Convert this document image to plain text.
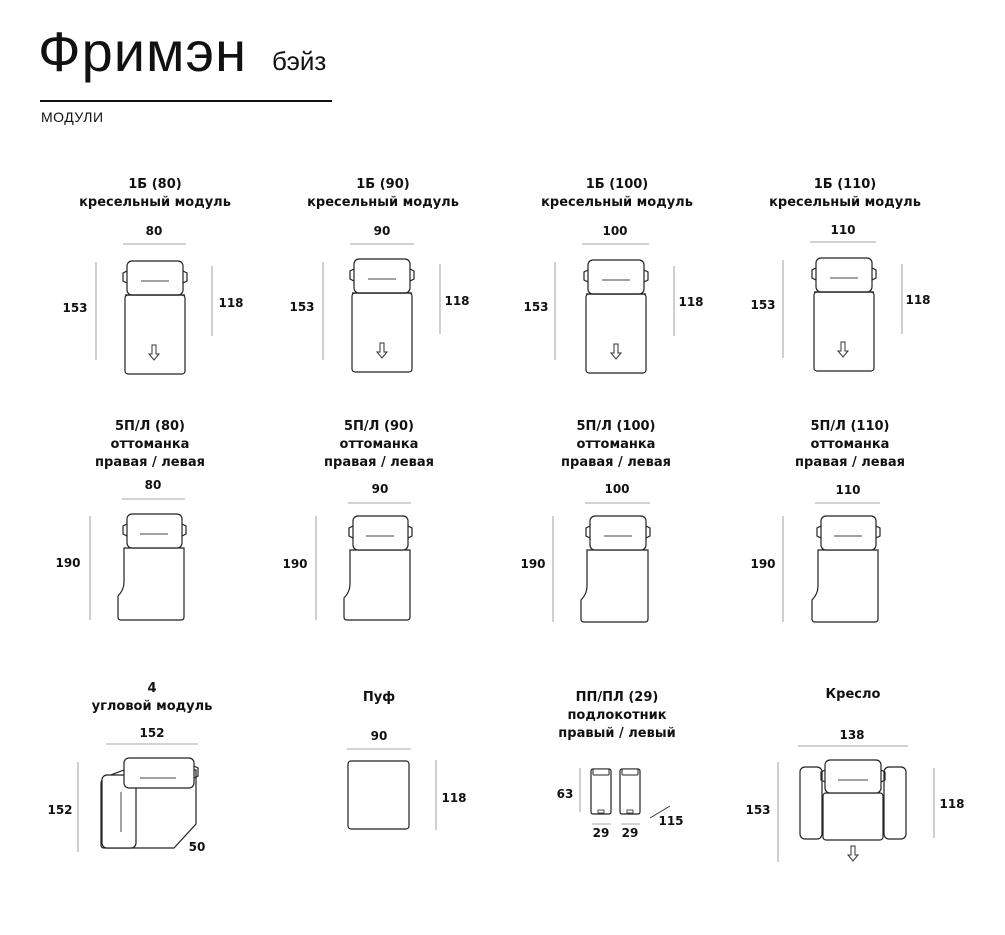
Фримэн бэйз
МОДУЛИ
1Б (80)
кресельный модуль
1Б (90)
кресельный модуль
1Б (100)
кресельный модуль
1Б (110)
кресельный модуль
5П/Л (80)
оттоманка
правая / левая
5П/Л (90)
оттоманка
правая / левая
5П/Л (100)
оттоманка
правая / левая
5П/Л (110)
оттоманка
правая / левая
4
угловой модуль
Пуф	ПП/ПЛ (29)
подлокотник
правый / левый
Кресло
80
153	118
90
153	118
100
153	118
110
153	118
80
190
90
190
100
190
110
190
152
152
50
90
118	63
29 29
115
138
153	118
